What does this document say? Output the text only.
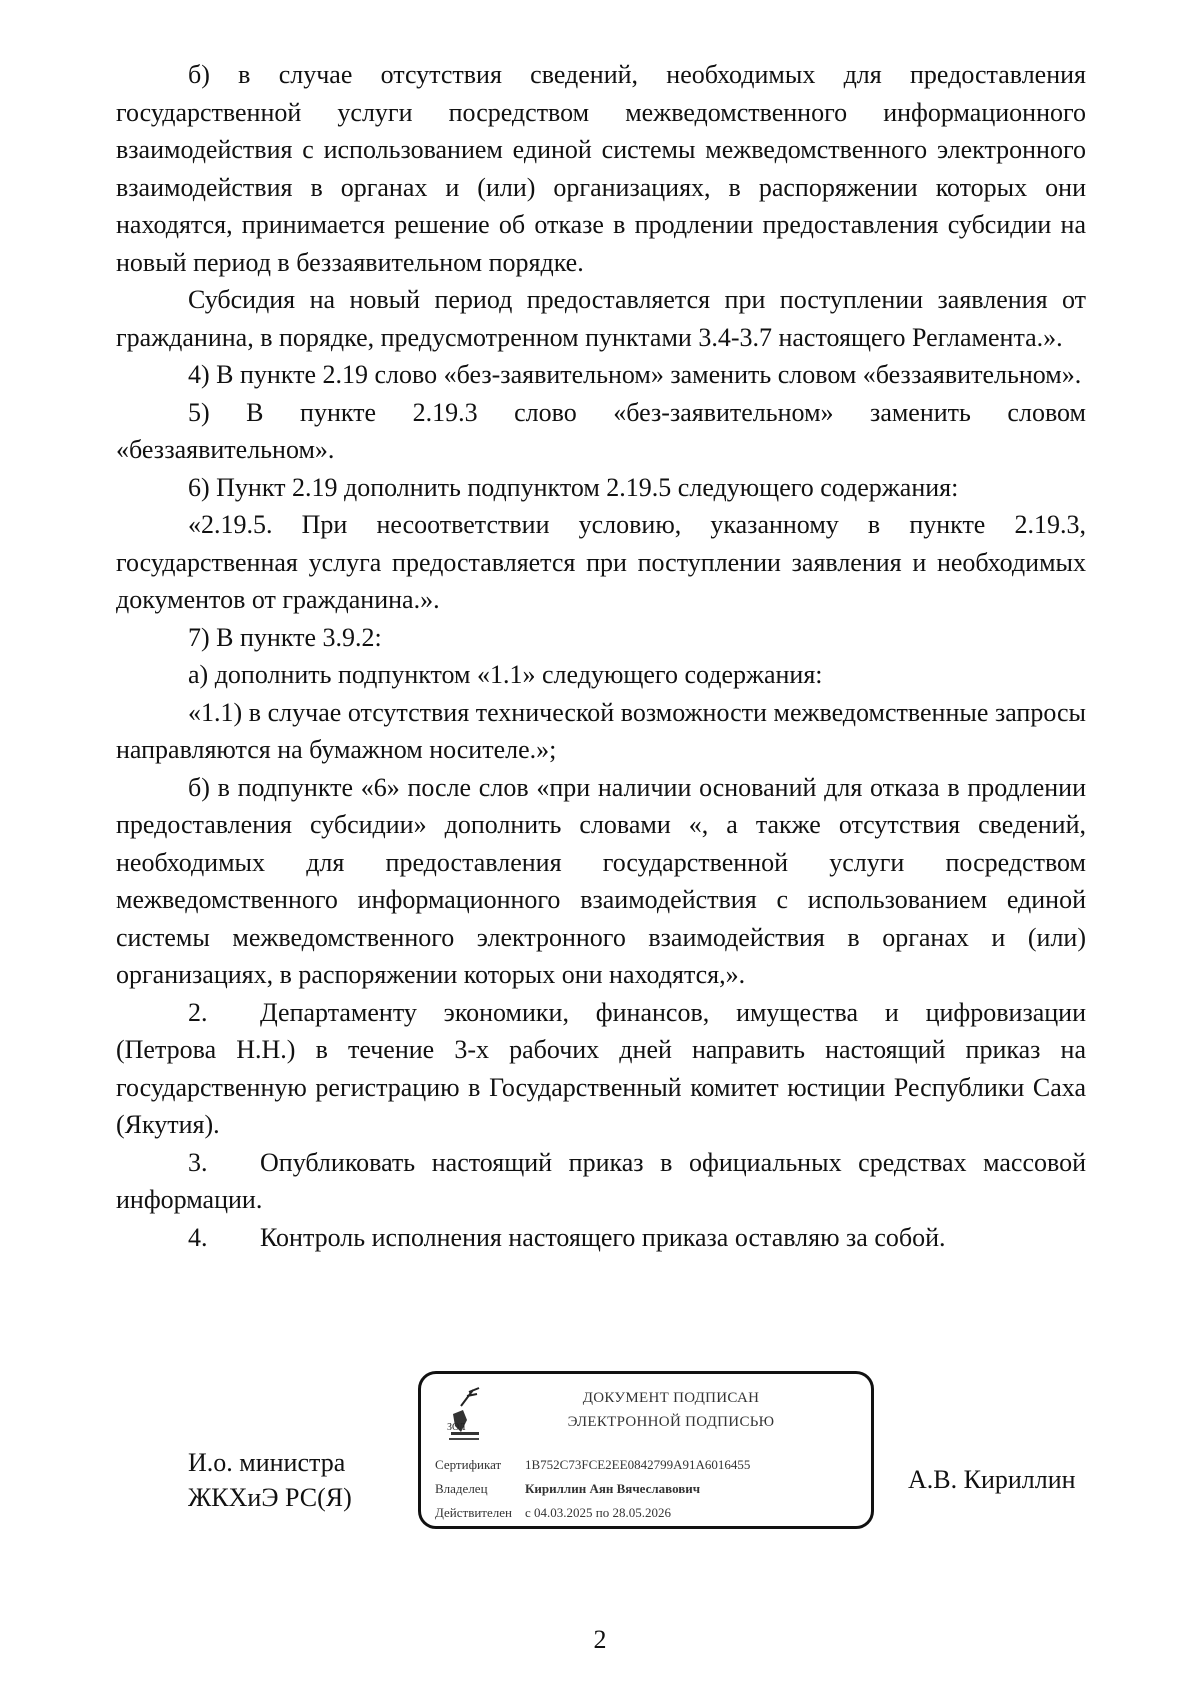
б) в случае отсутствия сведений, необходимых для предоставления государственной услуги посредством межведомственного информационного взаимодействия с использованием единой системы межведомственного электронного взаимодействия в органах и (или) организациях, в распоряжении которых они находятся, принимается решение об отказе в продлении предоставления субсидии на новый период в беззаявительном порядке.

Субсидия на новый период предоставляется при поступлении заявления от гражданина, в порядке, предусмотренном пунктами 3.4-3.7 настоящего Регламента.».

4) В пункте 2.19 слово «без-заявительном» заменить словом «беззаявительном».

5) В пункте 2.19.3 слово «без-заявительном» заменить словом «беззаявительном».

6) Пункт 2.19 дополнить подпунктом 2.19.5 следующего содержания:

«2.19.5. При несоответствии условию, указанному в пункте 2.19.3, государственная услуга предоставляется при поступлении заявления и необходимых документов от гражданина.».

7) В пункте 3.9.2:

а) дополнить подпунктом «1.1» следующего содержания:

«1.1) в случае отсутствия технической возможности межведомственные запросы направляются на бумажном носителе.»;

б) в подпункте «6» после слов «при наличии оснований для отказа в продлении предоставления субсидии» дополнить словами «, а также отсутствия сведений, необходимых для предоставления государственной услуги посредством межведомственного информационного взаимодействия с использованием единой системы межведомственного электронного взаимодействия в органах и (или) организациях, в распоряжении которых они находятся,».

2. Департаменту экономики, финансов, имущества и цифровизации (Петрова Н.Н.) в течение 3-х рабочих дней направить настоящий приказ на государственную регистрацию в Государственный комитет юстиции Республики Саха (Якутия).

3. Опубликовать настоящий приказ в официальных средствах массовой информации.

4. Контроль исполнения настоящего приказа оставляю за собой.

И.о. министра
ЖКХиЭ РС(Я)
ЗОЛ
ДОКУМЕНТ ПОДПИСАН
ЭЛЕКТРОННОЙ ПОДПИСЬЮ
Сертификат 1B752C73FCE2EE0842799A91A6016455
Владелец	Кириллин Аян Вячеславович
Действителен с 04.03.2025 по 28.05.2026
А.В. Кириллин
2
